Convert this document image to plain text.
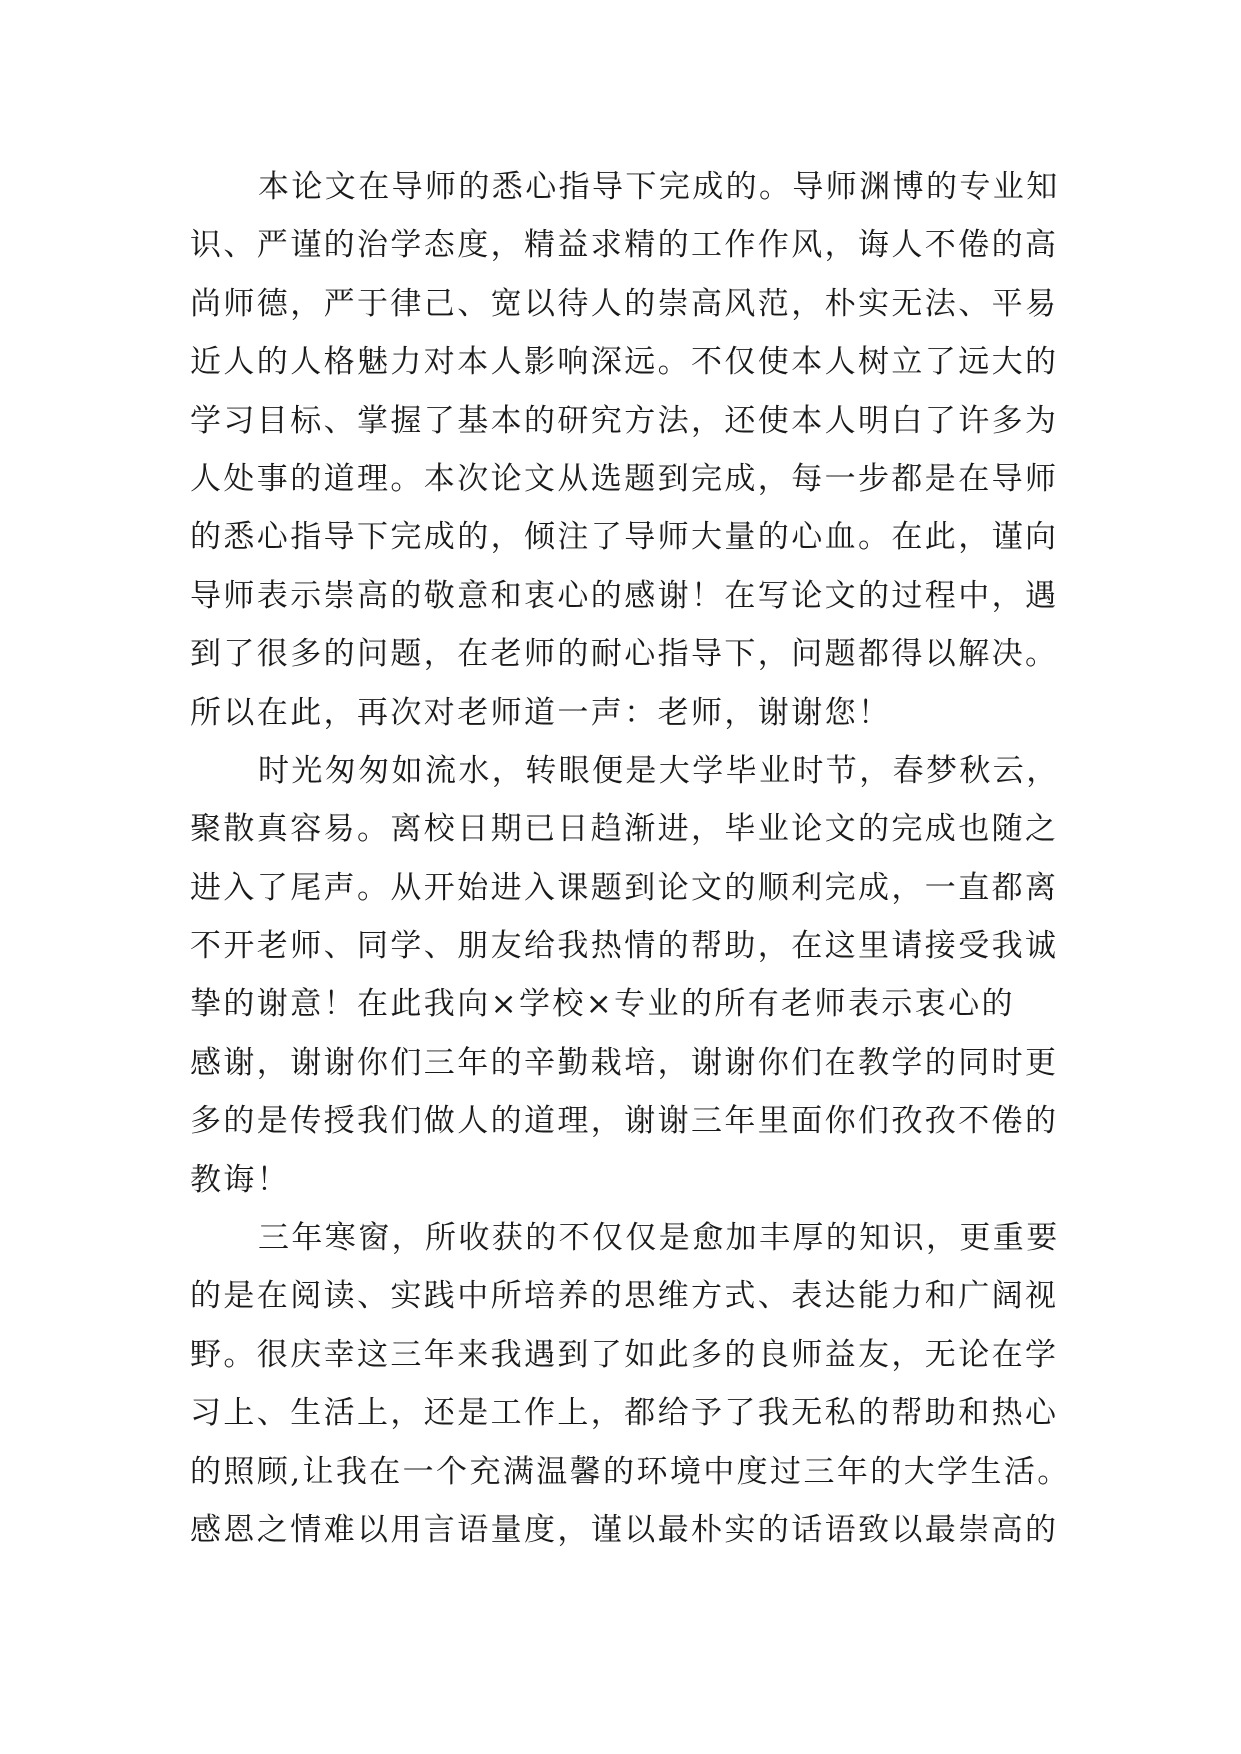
本论文在导师的悉心指导下完成的。导师渊博的专业知
识、严谨的治学态度，精益求精的工作作风，诲人不倦的高
尚师德，严于律己、宽以待人的崇高风范，朴实无法、平易
近人的人格魅力对本人影响深远。不仅使本人树立了远大的
学习目标、掌握了基本的研究方法，还使本人明白了许多为
人处事的道理。本次论文从选题到完成，每一步都是在导师
的悉心指导下完成的，倾注了导师大量的心血。在此，谨向
导师表示崇高的敬意和衷心的感谢！在写论文的过程中，遇
到了很多的问题，在老师的耐心指导下，问题都得以解决。
所以在此，再次对老师道一声：老师，谢谢您！
时光匆匆如流水，转眼便是大学毕业时节，春梦秋云，
聚散真容易。离校日期已日趋渐进，毕业论文的完成也随之
进入了尾声。从开始进入课题到论文的顺利完成，一直都离
不开老师、同学、朋友给我热情的帮助，在这里请接受我诚
挚的谢意！在此我向×学校×专业的所有老师表示衷心的
感谢，谢谢你们三年的辛勤栽培，谢谢你们在教学的同时更
多的是传授我们做人的道理，谢谢三年里面你们孜孜不倦的
教诲！
三年寒窗，所收获的不仅仅是愈加丰厚的知识，更重要
的是在阅读、实践中所培养的思维方式、表达能力和广阔视
野。很庆幸这三年来我遇到了如此多的良师益友，无论在学
习上、生活上，还是工作上，都给予了我无私的帮助和热心
的照顾,让我在一个充满温馨的环境中度过三年的大学生活。
感恩之情难以用言语量度，谨以最朴实的话语致以最崇高的
